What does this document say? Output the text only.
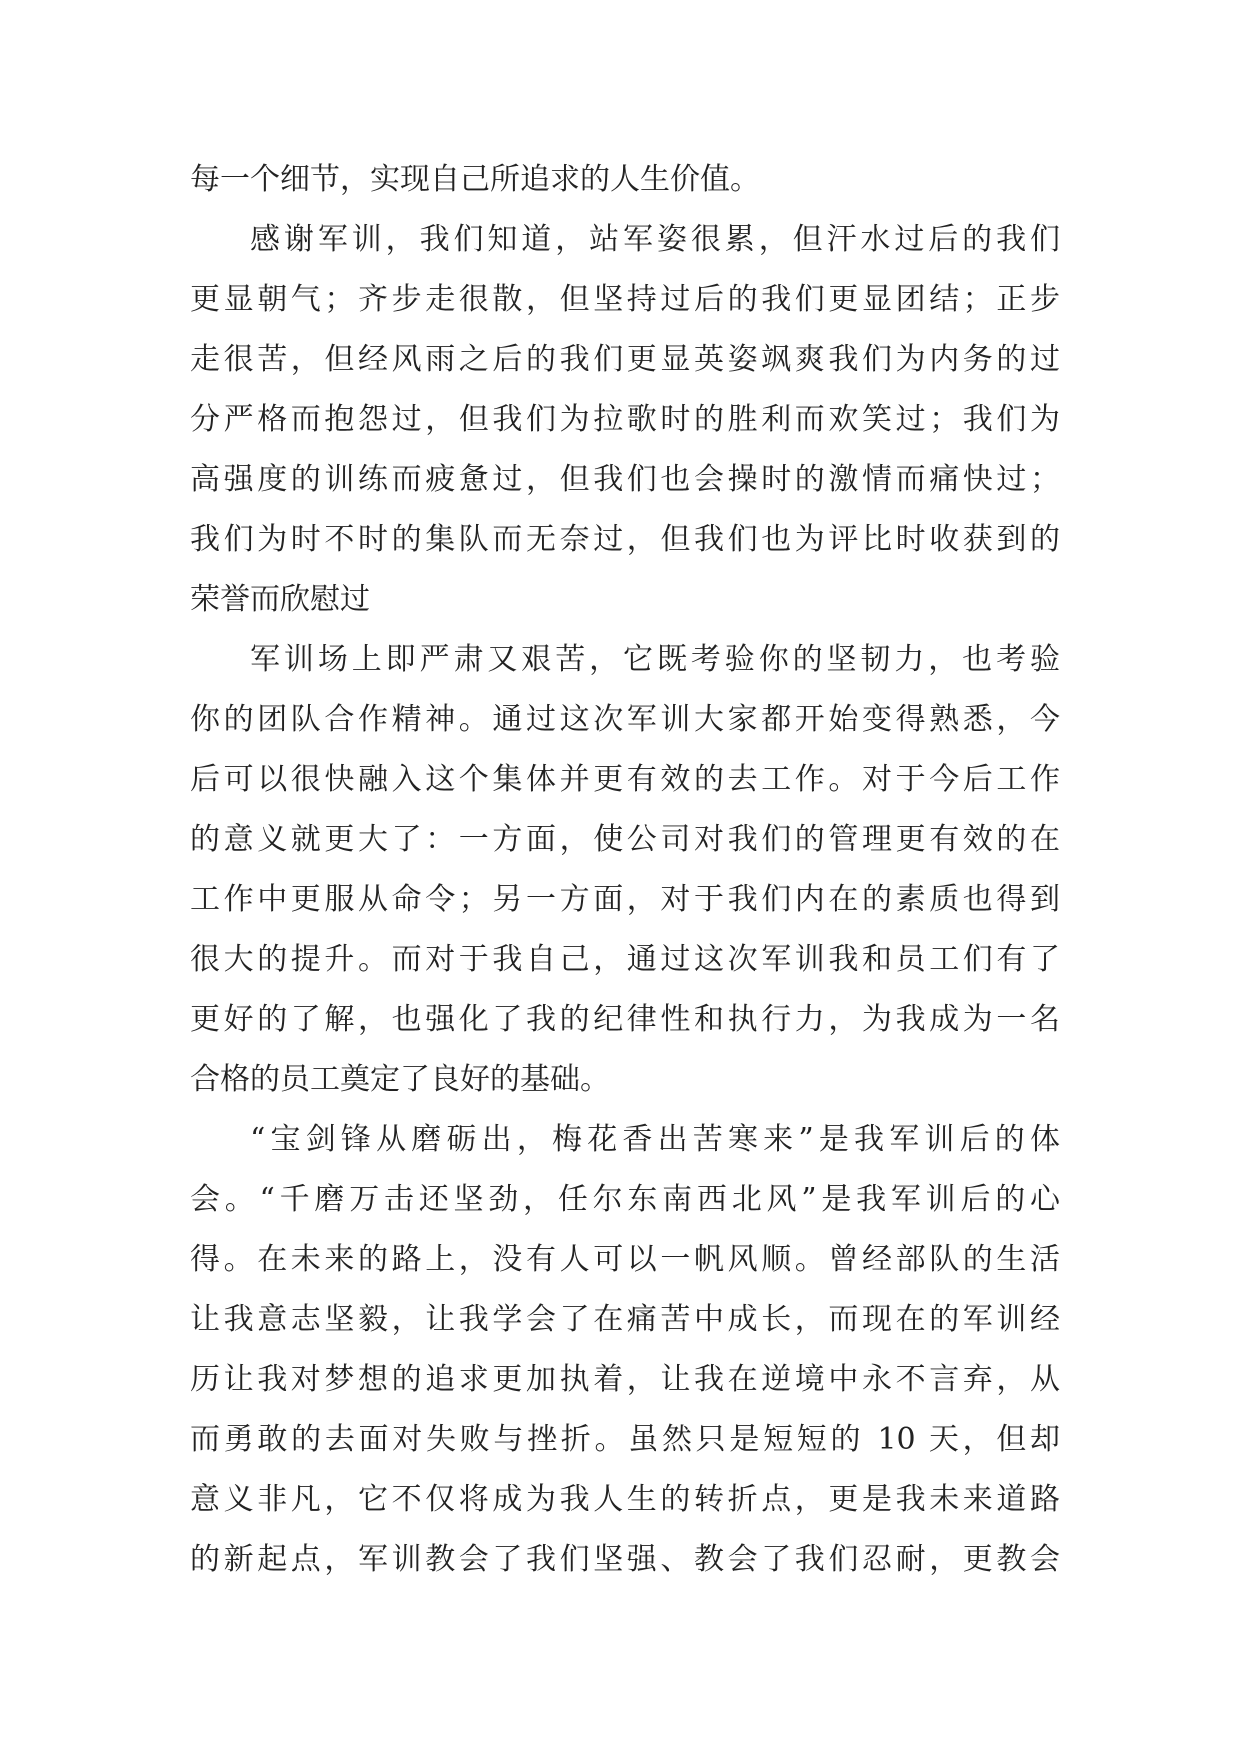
每一个细节，实现自己所追求的人生价值。
感谢军训，我们知道，站军姿很累，但汗水过后的我们
更显朝气；齐步走很散，但坚持过后的我们更显团结；正步
走很苦，但经风雨之后的我们更显英姿飒爽我们为内务的过
分严格而抱怨过，但我们为拉歌时的胜利而欢笑过；我们为
高强度的训练而疲惫过，但我们也会操时的激情而痛快过；
我们为时不时的集队而无奈过，但我们也为评比时收获到的
荣誉而欣慰过
军训场上即严肃又艰苦，它既考验你的坚韧力，也考验
你的团队合作精神。通过这次军训大家都开始变得熟悉，今
后可以很快融入这个集体并更有效的去工作。对于今后工作
的意义就更大了：一方面，使公司对我们的管理更有效的在
工作中更服从命令；另一方面，对于我们内在的素质也得到
很大的提升。而对于我自己，通过这次军训我和员工们有了
更好的了解，也强化了我的纪律性和执行力，为我成为一名
合格的员工奠定了良好的基础。
“宝剑锋从磨砺出，梅花香出苦寒来”是我军训后的体
会。“千磨万击还坚劲，任尔东南西北风”是我军训后的心
得。在未来的路上，没有人可以一帆风顺。曾经部队的生活
让我意志坚毅，让我学会了在痛苦中成长，而现在的军训经
历让我对梦想的追求更加执着，让我在逆境中永不言弃，从
而勇敢的去面对失败与挫折。虽然只是短短的 10 天，但却
意义非凡，它不仅将成为我人生的转折点，更是我未来道路
的新起点，军训教会了我们坚强、教会了我们忍耐，更教会
